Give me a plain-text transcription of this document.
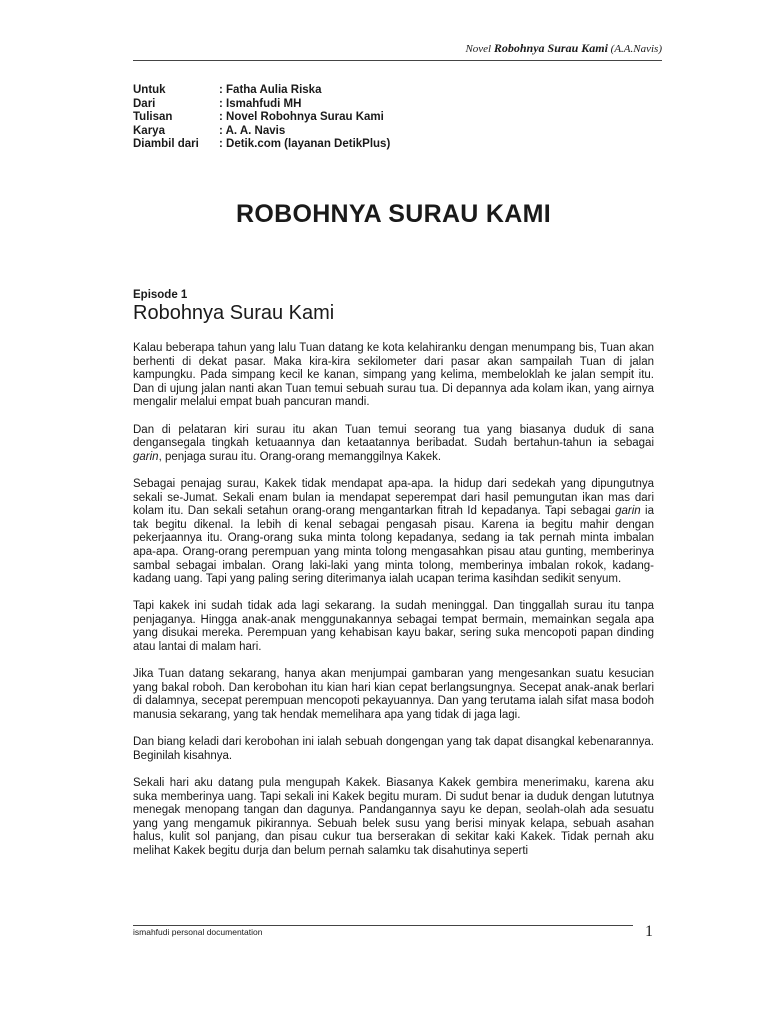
Novel Robohnya Surau Kami (A.A.Navis)
Untuk	: Fatha Aulia Riska
Dari	: Ismahfudi MH
Tulisan	: Novel Robohnya Surau Kami
Karya	: A. A. Navis
Diambil dari	: Detik.com (layanan DetikPlus)
ROBOHNYA SURAU KAMI
Episode 1
Robohnya Surau Kami

Kalau beberapa tahun yang lalu Tuan datang ke kota kelahiranku dengan menumpang bis, Tuan akan berhenti di dekat pasar. Maka kira-kira sekilometer dari pasar akan sampailah Tuan di jalan kampungku. Pada simpang kecil ke kanan, simpang yang kelima, membeloklah ke jalan sempit itu. Dan di ujung jalan nanti akan Tuan temui sebuah surau tua. Di depannya ada kolam ikan, yang airnya mengalir melalui empat buah pancuran mandi.

Dan di pelataran kiri surau itu akan Tuan temui seorang tua yang biasanya duduk di sana dengansegala tingkah ketuaannya dan ketaatannya beribadat. Sudah bertahun-tahun ia sebagai garin, penjaga surau itu. Orang-orang memanggilnya Kakek.

Sebagai penajag surau, Kakek tidak mendapat apa-apa. Ia hidup dari sedekah yang dipungutnya sekali se-Jumat. Sekali enam bulan ia mendapat seperempat dari hasil pemungutan ikan mas dari kolam itu. Dan sekali setahun orang-orang mengantarkan fitrah Id kepadanya. Tapi sebagai garin ia tak begitu dikenal. Ia lebih di kenal sebagai pengasah pisau. Karena ia begitu mahir dengan pekerjaannya itu. Orang-orang suka minta tolong kepadanya, sedang ia tak pernah minta imbalan apa-apa. Orang-orang perempuan yang minta tolong mengasahkan pisau atau gunting, memberinya sambal sebagai imbalan. Orang laki-laki yang minta tolong, memberinya imbalan rokok, kadang-kadang uang. Tapi yang paling sering diterimanya ialah ucapan terima kasihdan sedikit senyum.

Tapi kakek ini sudah tidak ada lagi sekarang. Ia sudah meninggal. Dan tinggallah surau itu tanpa penjaganya. Hingga anak-anak menggunakannya sebagai tempat bermain, memainkan segala apa yang disukai mereka. Perempuan yang kehabisan kayu bakar, sering suka mencopoti papan dinding atau lantai di malam hari.

Jika Tuan datang sekarang, hanya akan menjumpai gambaran yang mengesankan suatu kesucian yang bakal roboh. Dan kerobohan itu kian hari kian cepat berlangsungnya. Secepat anak-anak berlari di dalamnya, secepat perempuan mencopoti pekayuannya. Dan yang terutama ialah sifat masa bodoh manusia sekarang, yang tak hendak memelihara apa yang tidak di jaga lagi.

Dan biang keladi dari kerobohan ini ialah sebuah dongengan yang tak dapat disangkal kebenarannya. Beginilah kisahnya.

Sekali hari aku datang pula mengupah Kakek. Biasanya Kakek gembira menerimaku, karena aku suka memberinya uang. Tapi sekali ini Kakek begitu muram. Di sudut benar ia duduk dengan lututnya menegak menopang tangan dan dagunya. Pandangannya sayu ke depan, seolah-olah ada sesuatu yang yang mengamuk pikirannya. Sebuah belek susu yang berisi minyak kelapa, sebuah asahan halus, kulit sol panjang, dan pisau cukur tua berserakan di sekitar kaki Kakek. Tidak pernah aku melihat Kakek begitu durja dan belum pernah salamku tak disahutinya seperti

ismahfudi personal documentation	1
